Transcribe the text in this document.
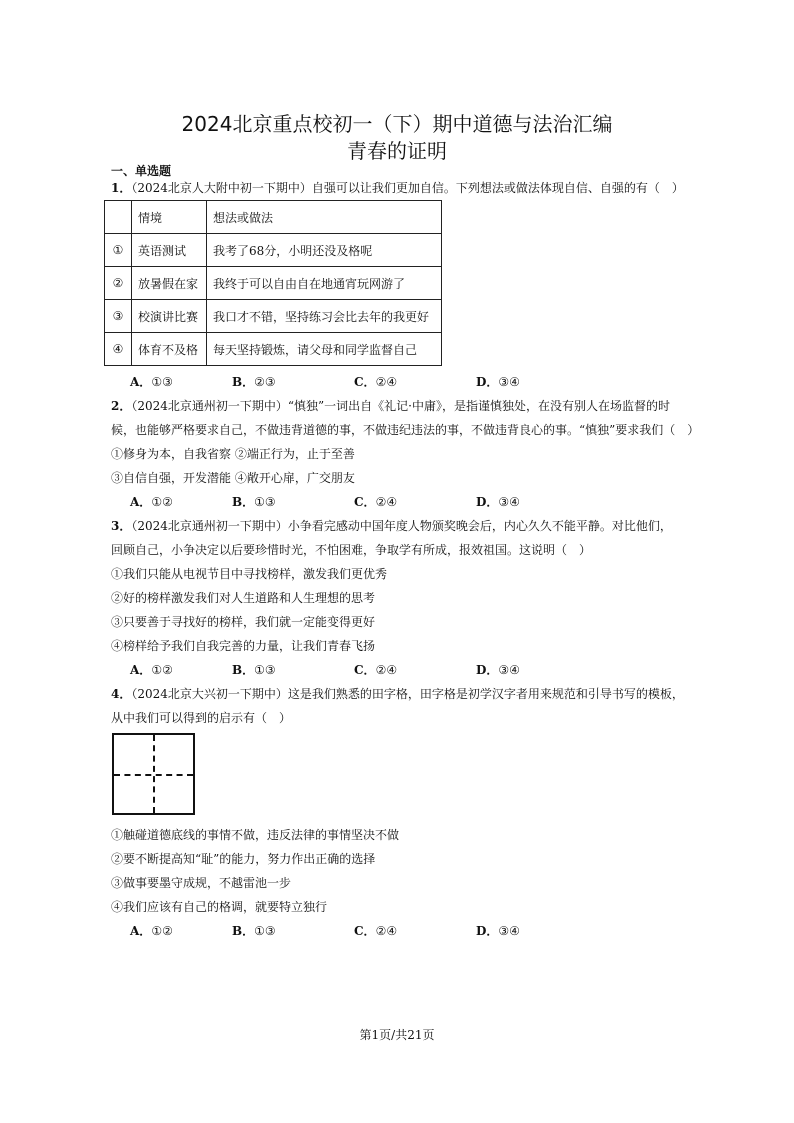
2024北京重点校初一（下）期中道德与法治汇编
青春的证明
一、单选题
1．（2024北京人大附中初一下期中）自强可以让我们更加自信。下列想法或做法体现自信、自强的有（　）
	情境	想法或做法
①	英语测试	我考了68分，小明还没及格呢
②	放暑假在家	我终于可以自由自在地通宵玩网游了
③	校演讲比赛	我口才不错，坚持练习会比去年的我更好
④	体育不及格	每天坚持锻炼，请父母和同学监督自己
A．①③	B．②③	C．②④	D．③④
2．（2024北京通州初一下期中）“慎独”一词出自《礼记·中庸》，是指谨慎独处，在没有别人在场监督的时
候，也能够严格要求自己，不做违背道德的事，不做违纪违法的事，不做违背良心的事。“慎独”要求我们（　）
①修身为本，自我省察 ②端正行为，止于至善
③自信自强，开发潜能 ④敞开心扉，广交朋友
A．①②	B．①③	C．②④	D．③④
3．（2024北京通州初一下期中）小争看完感动中国年度人物颁奖晚会后，内心久久不能平静。对比他们，
回顾自己，小争决定以后要珍惜时光，不怕困难，争取学有所成，报效祖国。这说明（　）
①我们只能从电视节目中寻找榜样，激发我们更优秀
②好的榜样激发我们对人生道路和人生理想的思考
③只要善于寻找好的榜样，我们就一定能变得更好
④榜样给予我们自我完善的力量，让我们青春飞扬
A．①②	B．①③	C．②④	D．③④
4．（2024北京大兴初一下期中）这是我们熟悉的田字格，田字格是初学汉字者用来规范和引导书写的模板，
从中我们可以得到的启示有（　）
①触碰道德底线的事情不做，违反法律的事情坚决不做
②要不断提高知“耻”的能力，努力作出正确的选择
③做事要墨守成规，不越雷池一步
④我们应该有自己的格调，就要特立独行
A．①②	B．①③	C．②④	D．③④
第1页/共21页
